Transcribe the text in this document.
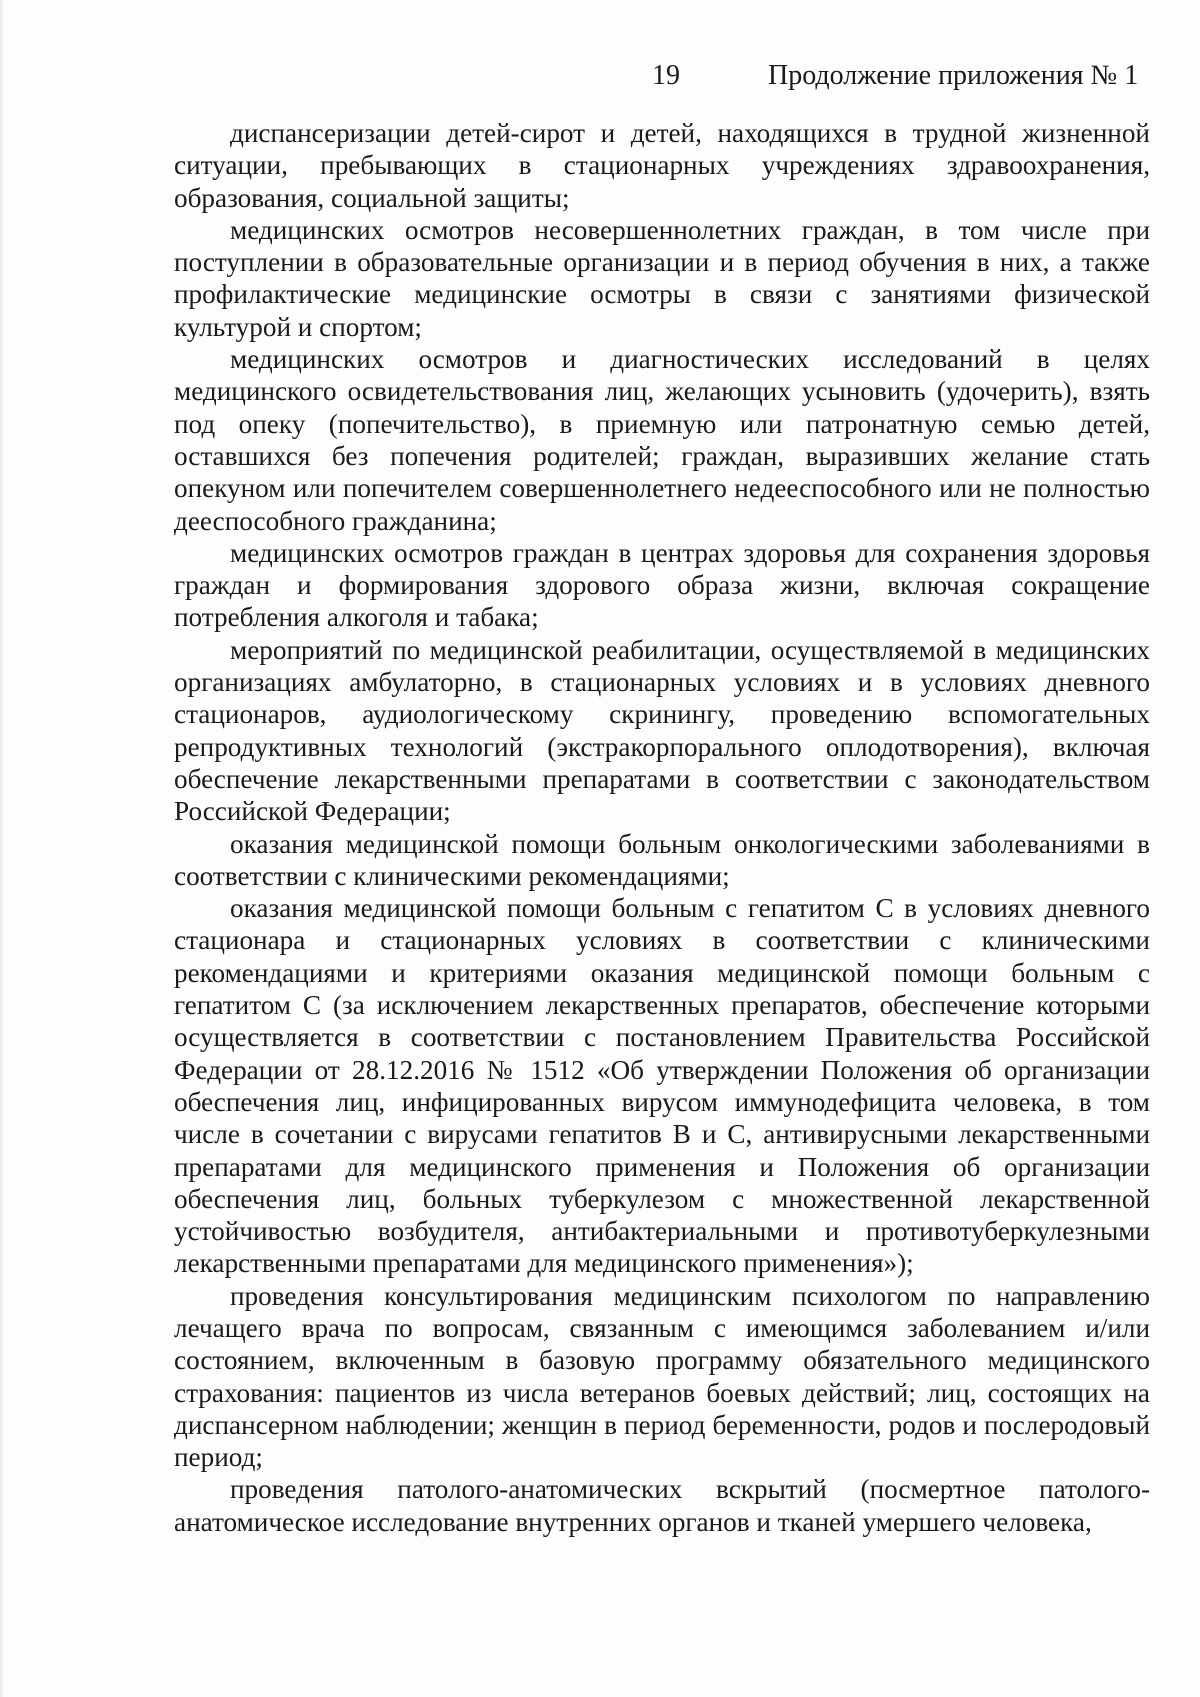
19	Продолжение приложения № 1

диспансеризации детей-сирот и детей, находящихся в трудной жизненной ситуации, пребывающих в стационарных учреждениях здравоохранения, образования, социальной защиты;

медицинских осмотров несовершеннолетних граждан, в том числе при поступлении в образовательные организации и в период обучения в них, а также профилактические медицинские осмотры в связи с занятиями физической культурой и спортом;

медицинских осмотров и диагностических исследований в целях медицинского освидетельствования лиц, желающих усыновить (удочерить), взять под опеку (попечительство), в приемную или патронатную семью детей, оставшихся без попечения родителей; граждан, выразивших желание стать опекуном или попечителем совершеннолетнего недееспособного или не полностью дееспособного гражданина;

медицинских осмотров граждан в центрах здоровья для сохранения здоровья граждан и формирования здорового образа жизни, включая сокращение потребления алкоголя и табака;

мероприятий по медицинской реабилитации, осуществляемой в медицинских организациях амбулаторно, в стационарных условиях и в условиях дневного стационаров, аудиологическому скринингу, проведению вспомогательных репродуктивных технологий (экстракорпорального оплодотворения), включая обеспечение лекарственными препаратами в соответствии с законодательством Российской Федерации;

оказания медицинской помощи больным онкологическими заболеваниями в соответствии с клиническими рекомендациями;

оказания медицинской помощи больным с гепатитом С в условиях дневного стационара и стационарных условиях в соответствии с клиническими рекомендациями и критериями оказания медицинской помощи больным с гепатитом С (за исключением лекарственных препаратов, обеспечение которыми осуществляется в соответствии с постановлением Правительства Российской Федерации от 28.12.2016 № 1512 «Об утверждении Положения об организации обеспечения лиц, инфицированных вирусом иммунодефицита человека, в том числе в сочетании с вирусами гепатитов В и С, антивирусными лекарственными препаратами для медицинского применения и Положения об организации обеспечения лиц, больных туберкулезом с множественной лекарственной устойчивостью возбудителя, антибактериальными и противотуберкулезными лекарственными препаратами для медицинского применения»);

проведения консультирования медицинским психологом по направлению лечащего врача по вопросам, связанным с имеющимся заболеванием и/или состоянием, включенным в базовую программу обязательного медицинского страхования: пациентов из числа ветеранов боевых действий; лиц, состоящих на диспансерном наблюдении; женщин в период беременности, родов и послеродовый период;

проведения патолого-анатомических вскрытий (посмертное патолого-анатомическое исследование внутренних органов и тканей умершего человека,
